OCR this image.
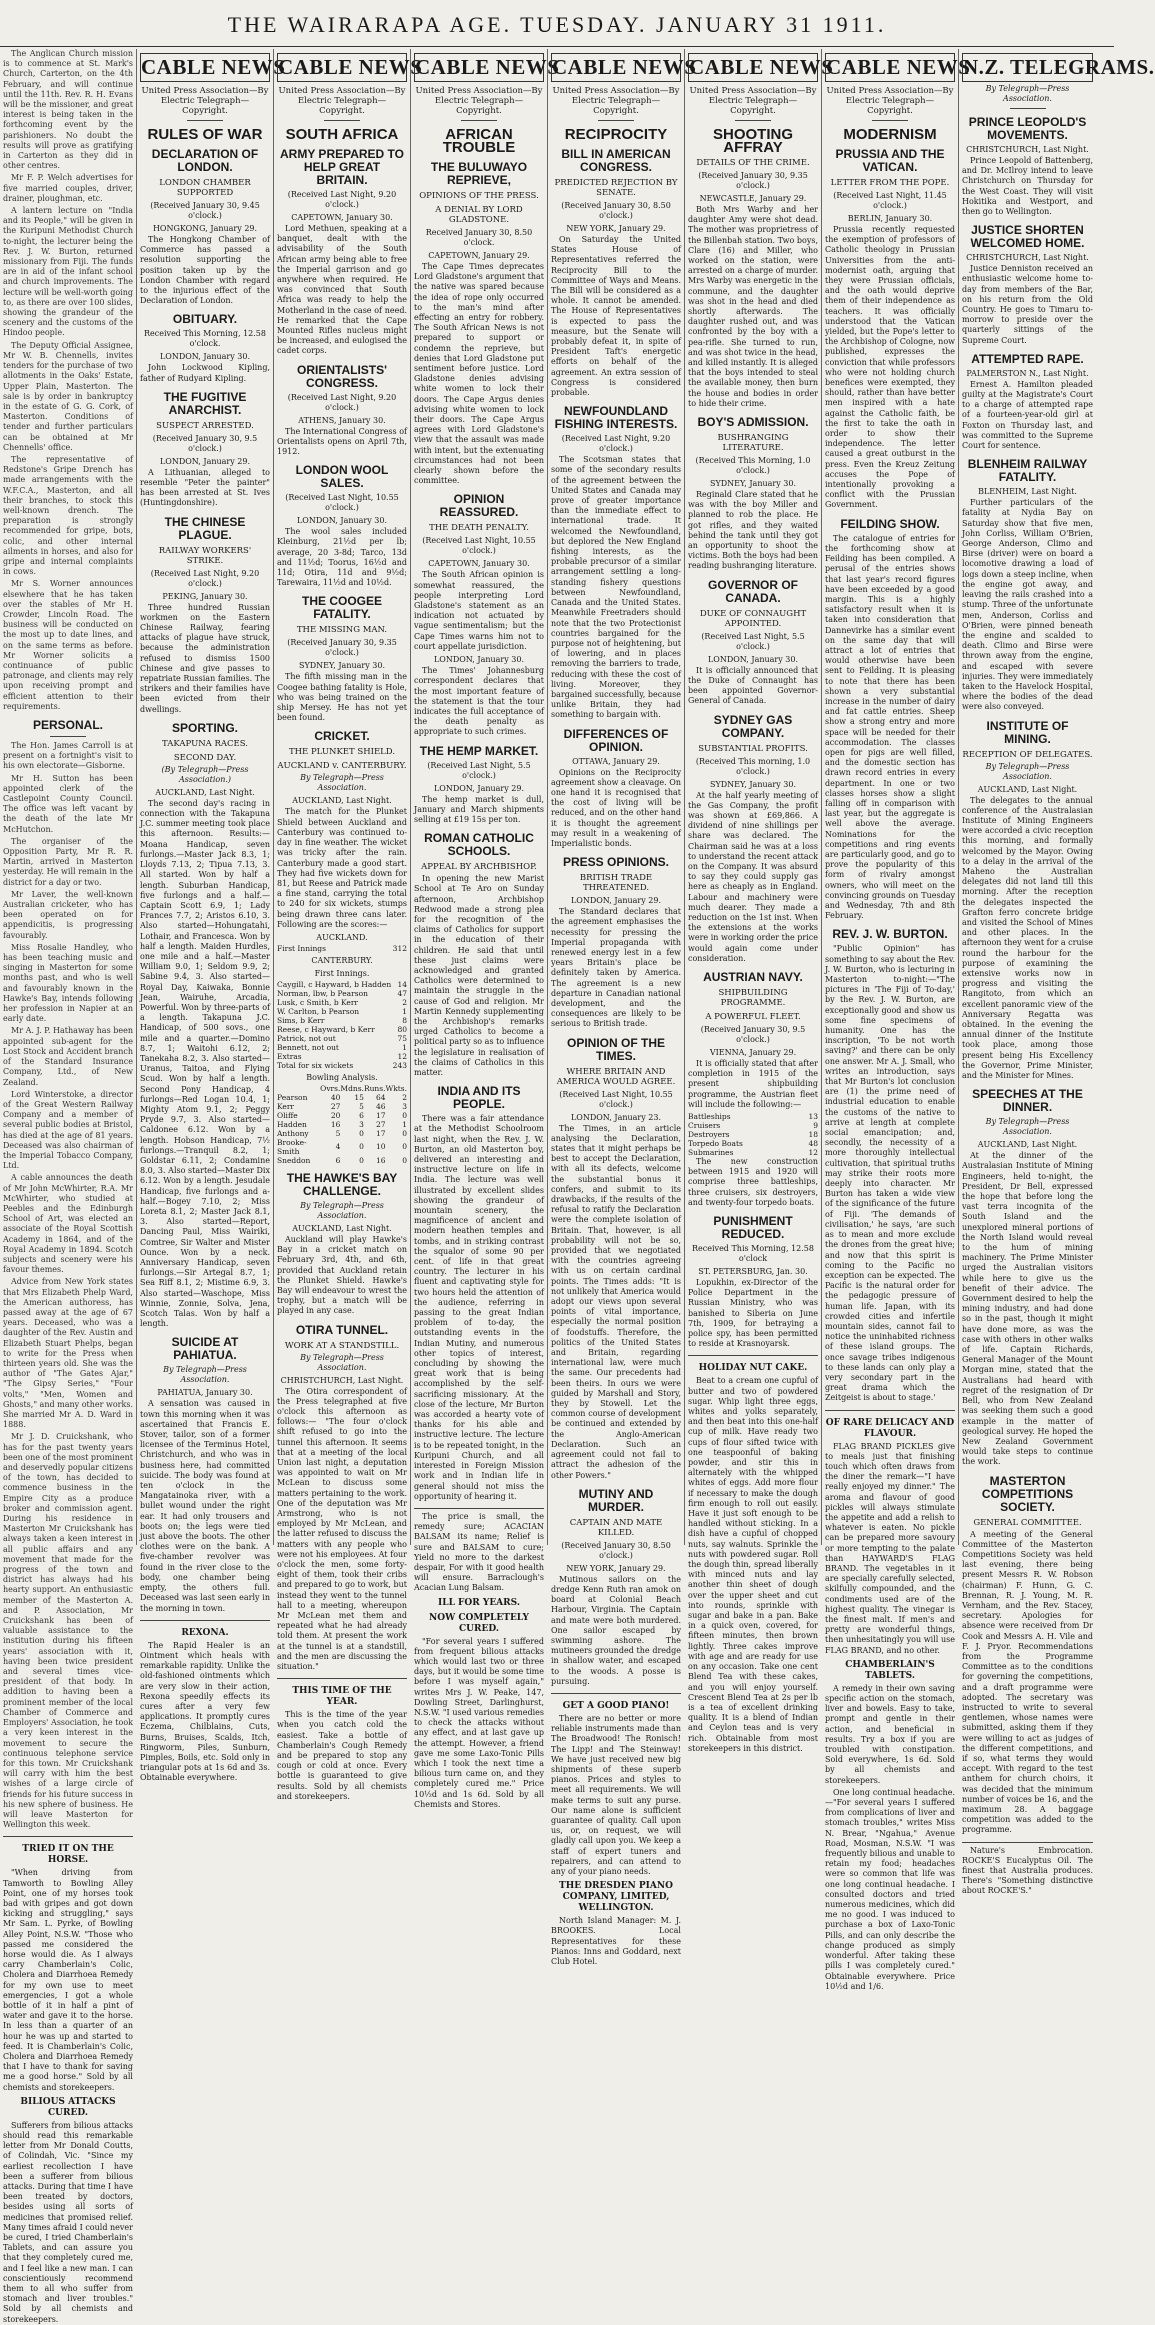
THE WAIRARAPA AGE. TUESDAY. JANUARY 31 1911.
The Anglican Church mission is to commence at St. Mark's Church, Carterton, on the 4th February, and will continue until the 11th. Rev. R. H. Evans will be the missioner, and great interest is being taken in the forthcoming event by the parishioners. No doubt the results will prove as gratifying in Carterton as they did in other centres.
Mr F. P. Welch advertises for five married couples, driver, drainer, ploughman, etc.
A lantern lecture on "India and its People," will be given in the Kuripuni Methodist Church to-night, the lecturer being the Rev. J. W. Burton, returned missionary from Fiji. The funds are in aid of the infant school and church improvements. The lecture will be well-worth going to, as there are over 100 slides, showing the grandeur of the scenery and the customs of the Hindoo people.
The Deputy Official Assignee, Mr W. B. Chennells, invites tenders for the purchase of two allotments in the Oaks' Estate, Upper Plain, Masterton. The sale is by order in bankruptcy in the estate of G. G. Cork, of Masterton. Conditions of tender and further particulars can be obtained at Mr Chennells' office.
The representative of Redstone's Gripe Drench has made arrangements with the W.F.C.A., Masterton, and all their branches, to stock this well-known drench. The preparation is strongly recommended for gripe, bots, colic, and other internal ailments in horses, and also for gripe and internal complaints in cows.
Mr S. Worner announces elsewhere that he has taken over the stables of Mr H. Crowder, Lincoln Road. The business will be conducted on the most up to date lines, and on the same terms as before. Mr Worner solicits a continuance of public patronage, and clients may rely upon receiving prompt and efficient attention to their requirements.
PERSONAL.
The Hon. James Carroll is at present on a fortnight's visit to his own electorate—Gisborne.
Mr H. Sutton has been appointed clerk of the Castlepoint County Council. The office was left vacant by the death of the late Mr McHutchon.
The organiser of the Opposition Party, Mr R. R. Martin, arrived in Masterton yesterday. He will remain in the district for a day or two.
Mr Laver, the well-known Australian cricketer, who has been operated on for appendicitis, is progressing favourably.
Miss Rosalie Handley, who has been teaching music and singing in Masterton for some months past, and who is well and favourably known in the Hawke's Bay, intends following her profession in Napier at an early date.
Mr A. J. P. Hathaway has been appointed sub-agent for the Lost Stock and Accident branch of the Standard Insurance Company, Ltd., of New Zealand.
Lord Winterstoke, a director of the Great Western Railway Company and a member of several public bodies at Bristol, has died at the age of 81 years. Deceased was also chairman of the Imperial Tobacco Company, Ltd.
A cable announces the death of Mr John McWhirter, R.A. Mr McWhirter, who studied at Peebles and the Edinburgh School of Art, was elected an associate of the Royal Scottish Academy in 1864, and of the Royal Academy in 1894. Scotch subjects and scenery were his favour themes.
Advice from New York states that Mrs Elizabeth Phelp Ward, the American authoress, has passed away at the age of 67 years. Deceased, who was a daughter of the Rev. Austin and Elizabeth Stuart Phelps, began to write for the Press when thirteen years old. She was the author of "The Gates Ajar," "The Gipsy Series," "Four volts," "Men, Women and Ghosts," and many other works. She married Mr A. D. Ward in 1888.
Mr J. D. Cruickshank, who has for the past twenty years been one of the most prominent and deservedly popular citizens of the town, has decided to commence business in the Empire City as a produce broker and commission agent. During his residence in Masterton Mr Cruickshank has always taken a keen interest in all public affairs and any movement that made for the progress of the town and district has always had his hearty support. An enthusiastic member of the Masterton A. and P. Association, Mr Cruickshank has been of valuable assistance to the institution during his fifteen years' association with it, having been twice president and several times vice-president of that body. In addition to having been a prominent member of the local Chamber of Commerce and Employers' Association, he took a very keen interest in the movement to secure the continuous telephone service for this town. Mr Cruickshank will carry with him the best wishes of a large circle of friends for his future success in his new sphere of business. He will leave Masterton for Wellington this week.
TRIED IT ON THE HORSE.
"When driving from Tamworth to Bowling Alley Point, one of my horses took bad with gripes and got down kicking and struggling," says Mr Sam. L. Pyrke, of Bowling Alley Point, N.S.W. "Those who passed me considered the horse would die. As I always carry Chamberlain's Colic, Cholera and Diarrhoea Remedy for my own use to meet emergencies, I got a whole bottle of it in half a pint of water and gave it to the horse. In less than a quarter of an hour he was up and started to feed. It is Chamberlain's Colic, Cholera and Diarrhoea Remedy that I have to thank for saving me a good horse." Sold by all chemists and storekeepers.
BILIOUS ATTACKS CURED.
Sufferers from bilious attacks should read this remarkable letter from Mr Donald Coutts, of Colindah, Vic. "Since my earliest recollection I have been a sufferer from bilious attacks. During that time I have been treated by doctors, besides using all sorts of medicines that promised relief. Many times afraid I could never be cured, I tried Chamberlain's Tablets, and can assure you that they completely cured me, and I feel like a new man. I can conscientiously recommend them to all who suffer from stomach and liver troubles." Sold by all chemists and storekeepers.
CABLE NEWS
United Press Association—By Electric Telegraph—Copyright.
RULES OF WAR
DECLARATION OF LONDON.
LONDON CHAMBER SUPPORTED
(Received January 30, 9.45 o'clock.)
HONGKONG, January 29.
The Hongkong Chamber of Commerce has passed a resolution supporting the position taken up by the London Chamber with regard to the injurious effect of the Declaration of London.
OBITUARY.
Received This Morning, 12.58 o'clock.
LONDON, January 30.
John Lockwood Kipling, father of Rudyard Kipling.
THE FUGITIVE ANARCHIST.
SUSPECT ARRESTED.
(Received January 30, 9.5 o'clock.)
LONDON, January 29.
A Lithuanian, alleged to resemble "Peter the painter" has been arrested at St. Ives (Huntingdonshire).
THE CHINESE PLAGUE.
RAILWAY WORKERS' STRIKE.
(Received Last Night, 9.20 o'clock.)
PEKING, January 30.
Three hundred Russian workmen on the Eastern Chinese Railway, fearing attacks of plague have struck, because the administration refused to dismiss 1500 Chinese and give passes to repatriate Russian families. The strikers and their families have been evicted from their dwellings.
SPORTING.
TAKAPUNA RACES.
SECOND DAY.
(By Telegraph—Press Association.)
AUCKLAND, Last Night.
The second day's racing in connection with the Takapuna J.C. summer meeting took place this afternoon. Results:— Moana Handicap, seven furlongs.—Master Jack 8.3, 1; Lloyds 7.13, 2; Tipua 7.13, 3. All started. Won by half a length. Suburban Handicap, five furlongs and a half.—Captain Scott 6.9, 1; Lady Frances 7.7, 2; Aristos 6.10, 3. Also started—Hohungatahi, Lothair, and Francesca. Won by half a length. Maiden Hurdles, one mile and a half.—Master William 9.0, 1; Seldom 9.9, 2; Sabine 9.4, 3. Also started—Royal Day, Kaiwaka, Bonnie Jean, Wairuhe, Arcadia, Powerful. Won by three-parts of a length. Takapuna J.C. Handicap, of 500 sovs., one mile and a quarter.—Domino 8.7, 1; Waitohi 6.12, 2; Tanekaha 8.2, 3. Also started—Uranus, Taitoa, and Flying Scud. Won by half a length. Second Pony Handicap, 4 furlongs—Red Logan 10.4, 1; Mighty Atom 9.1, 2; Peggy Pryde 9.7, 3. Also started—Caldonee 6.12. Won by a length. Hobson Handicap, 7½ furlongs.—Tranquil 8.2, 1; Goldstar 6.11, 2; Condamine 8.0, 3. Also started—Master Dix 6.12. Won by a length. Jesudale Handicap, five furlongs and a-half.—Bogey 7.10, 2; Miss Loreta 8.1, 2; Master Jack 8.1, 3. Also started—Report, Dancing Paul, Miss Wairiki, Comtree, Sir Walter and Mister Ounce. Won by a neck. Anniversary Handicap, seven furlongs.—Sir Artegal 8.7, 1; Sea Riff 8.1, 2; Mistime 6.9, 3. Also started—Waschope, Miss Winnie, Zonnie, Solva, Jena, Scotch Talas. Won by half a length.
SUICIDE AT PAHIATUA.
By Telegraph—Press Association.
PAHIATUA, January 30.
A sensation was caused in town this morning when it was ascertained that Francis E. Stover, tailor, son of a former licensee of the Terminus Hotel, Christchurch, and who was in business here, had committed suicide. The body was found at ten o'clock in the Mangatainoka river, with a bullet wound under the right ear. It had only trousers and boots on; the legs were tied just above the boots. The other clothes were on the bank. A five-chamber revolver was found in the river close to the body, one chamber being empty, the others full. Deceased was last seen early in the morning in town.
REXONA.
The Rapid Healer is an Ointment which heals with remarkable rapidity. Unlike the old-fashioned ointments which are very slow in their action, Rexona speedily effects its cures after a very few applications. It promptly cures Eczema, Chilblains, Cuts, Burns, Bruises, Scalds, Itch, Ringworm, Piles, Sunburn, Pimples, Boils, etc. Sold only in triangular pots at 1s 6d and 3s. Obtainable everywhere.
CABLE NEWS
United Press Association—By Electric Telegraph—Copyright.
SOUTH AFRICA
ARMY PREPARED TO HELP GREAT BRITAIN.
(Received Last Night, 9.20 o'clock.)
CAPETOWN, January 30.
Lord Methuen, speaking at a banquet, dealt with the advisability of the South African army being able to free the Imperial garrison and go anywhere when required. He was convinced that South Africa was ready to help the Motherland in the case of need. He remarked that the Cape Mounted Rifles nucleus might be increased, and eulogised the cadet corps.
ORIENTALISTS' CONGRESS.
(Received Last Night, 9.20 o'clock.)
ATHENS, January 30.
The International Congress of Orientalists opens on April 7th, 1912.
LONDON WOOL SALES.
(Received Last Night, 10.55 o'clock.)
LONDON, January 30.
The wool sales included Kleinburg, 21½d per lb; average, 20 3-8d; Tarco, 13d and 11½d; Toorus, 16½d and 11d; Otira, 11d and 9½d; Tarewaira, 11½d and 10½d.
THE COOGEE FATALITY.
THE MISSING MAN.
(Received January 30, 9.35 o'clock.)
SYDNEY, January 30.
The fifth missing man in the Coogee bathing fatality is Hole, who was being trained on the ship Mersey. He has not yet been found.
CRICKET.
THE PLUNKET SHIELD.
AUCKLAND v. CANTERBURY.
By Telegraph—Press Association.
AUCKLAND, Last Night.
The match for the Plunket Shield between Auckland and Canterbury was continued to-day in fine weather. The wicket was tricky after the rain. Canterbury made a good start. They had five wickets down for 81, but Reese and Patrick made a fine stand, carrying the total to 240 for six wickets, stumps being drawn three cans later. Following are the scores:—
AUCKLAND.
First Innings	312
CANTERBURY.
First Innings.
Caygill, c Hayward, b Hadden	14
Norman, lbw, b Pearson	47
Lusk, c Smith, b Kerr	2
W. Carlton, b Pearson	1
Sims, b Kerr	8
Reese, c Hayward, b Kerr	80
Patrick, not out	75
Bennett, not out	1
Extras	12
Total for six wickets	243
Bowling Analysis.
	Ovrs.	Mdns.	Runs.	Wkts.
Pearson	40	15	64	2
Kerr	27	5	46	3
Oliffe	20	6	17	0
Hadden	16	3	27	1
Anthony	5	0	17	0
Brooke-Smith	4	0	10	0
Sneddon	6	0	16	0
THE HAWKE'S BAY CHALLENGE.
By Telegraph—Press Association.
AUCKLAND, Last Night.
Auckland will play Hawke's Bay in a cricket match on February 3rd, 4th, and 6th, provided that Auckland retain the Plunket Shield. Hawke's Bay will endeavour to wrest the trophy, but a match will be played in any case.
OTIRA TUNNEL.
WORK AT A STANDSTILL.
By Telegraph—Press Association.
CHRISTCHURCH, Last Night.
The Otira correspondent of the Press telegraphed at five o'clock this afternoon as follows:— "The four o'clock shift refused to go into the tunnel this afternoon. It seems that at a meeting of the local Union last night, a deputation was appointed to wait on Mr McLean to discuss some matters pertaining to the work. One of the deputation was Mr Armstrong, who is not employed by Mr McLean, and the latter refused to discuss the matters with any people who were not his employees. At four o'clock the men, some forty-eight of them, took their cribs and prepared to go to work, but instead they went to the tunnel hall to a meeting, whereupon Mr McLean met them and repeated what he had already told them. At present the work at the tunnel is at a standstill, and the men are discussing the situation."
THIS TIME OF THE YEAR.
This is the time of the year when you catch cold the easiest. Take a bottle of Chamberlain's Cough Remedy and be prepared to stop any cough or cold at once. Every bottle is guaranteed to give results. Sold by all chemists and storekeepers.
CABLE NEWS
United Press Association—By Electric Telegraph—Copyright.
AFRICAN TROUBLE
THE BULUWAYO REPRIEVE,
OPINIONS OF THE PRESS.
A DENIAL BY LORD GLADSTONE.
Received January 30, 8.50 o'clock.
CAPETOWN, January 29.
The Cape Times deprecates Lord Gladstone's argument that the native was spared because the idea of rope only occurred to the man's mind after effecting an entry for robbery. The South African News is not prepared to support or condemn the reprieve, but denies that Lord Gladstone put sentiment before justice. Lord Gladstone denies advising white women to lock their doors. The Cape Argus denies advising white women to lock their doors. The Cape Argus agrees with Lord Gladstone's view that the assault was made with intent, but the extenuating circumstances had not been clearly shown before the committee.
OPINION REASSURED.
THE DEATH PENALTY.
(Received Last Night, 10.55 o'clock.)
CAPETOWN, January 30.
The South African opinion is somewhat reassured, the people interpreting Lord Gladstone's statement as an indication not actuated by vague sentimentalism; but the Cape Times warns him not to court appellate jurisdiction.
LONDON, January 30.
The Times' Johannesburg correspondent declares that the most important feature of the statement is that the tour indicates the full acceptance of the death penalty as appropriate to such crimes.
THE HEMP MARKET.
(Received Last Night, 5.5 o'clock.)
LONDON, January 29.
The hemp market is dull, January and March shipments selling at £19 15s per ton.
ROMAN CATHOLIC SCHOOLS.
APPEAL BY ARCHBISHOP.
In opening the new Marist School at Te Aro on Sunday afternoon, Archbishop Redwood made a strong plea for the recognition of the claims of Catholics for support in the education of their children. He said that until these just claims were acknowledged and granted Catholics were determined to maintain the struggle in the cause of God and religion. Mr Martin Kennedy supplementing the Archbishop's remarks urged Catholics to become a political party so as to influence the legislature in realisation of the claims of Catholics in this matter.
INDIA AND ITS PEOPLE.
There was a fair attendance at the Methodist Schoolroom last night, when the Rev. J. W. Burton, an old Masterton boy, delivered an interesting and instructive lecture on life in India. The lecture was well illustrated by excellent slides showing the grandeur of mountain scenery, the magnificence of ancient and modern heathen temples and tombs, and in striking contrast the squalor of some 90 per cent. of life in that great country. The lecturer in his fluent and captivating style for two hours held the attention of the audience, referring in passing to the great Indian problem of to-day, the outstanding events in the Indian Mutiny, and numerous other topics of interest, concluding by showing the great work that is being accomplished by the self-sacrificing missionary. At the close of the lecture, Mr Burton was accorded a hearty vote of thanks for his able and instructive lecture. The lecture is to be repeated tonight, in the Kuripuni Church, and all interested in Foreign Mission work and in Indian life in general should not miss the opportunity of hearing it.
The price is small, the remedy sure; ACACIAN BALSAM its name; Relief is sure and BALSAM to cure; Yield no more to the darkest despair, For with it good health will ensure. Barraclough's Acacian Lung Balsam.
ILL FOR YEARS.
NOW COMPLETELY CURED.
"For several years I suffered from frequent bilious attacks which would last two or three days, but it would be some time before I was myself again," writes Mrs J. W. Peake, 147, Dowling Street, Darlinghurst, N.S.W. "I used various remedies to check the attacks without any effect, and at last gave up the attempt. However, a friend gave me some Laxo-Tonic Pills which I took the next time a bilious turn came on, and they completely cured me." Price 10½d and 1s 6d. Sold by all Chemists and Stores.
CABLE NEWS
United Press Association—By Electric Telegraph—Copyright.
RECIPROCITY
BILL IN AMERICAN CONGRESS.
PREDICTED REJECTION BY SENATE.
(Received January 30, 8.50 o'clock.)
NEW YORK, January 29.
On Saturday the United States House of Representatives referred the Reciprocity Bill to the Committee of Ways and Means. The Bill will be considered as a whole. It cannot be amended. The House of Representatives is expected to pass the measure, but the Senate will probably defeat it, in spite of President Taft's energetic efforts on behalf of the agreement. An extra session of Congress is considered probable.
NEWFOUNDLAND FISHING INTERESTS.
(Received Last Night, 9.20 o'clock.)
The Scotsman states that some of the secondary results of the agreement between the United States and Canada may prove of greater importance than the immediate effect to international trade. It welcomed the Newfoundland, but deplored the New England fishing interests, as the probable precursor of a similar arrangement settling a long-standing fishery questions between Newfoundland, Canada and the United States. Meanwhile Freetraders should note that the two Protectionist countries bargained for the purpose not of heightening, but of lowering, and in places removing the barriers to trade, reducing with these the cost of living. Moreover, they bargained successfully, because unlike Britain, they had something to bargain with.
DIFFERENCES OF OPINION.
OTTAWA, January 29.
Opinions on the Reciprocity agreement show a cleavage. On one hand it is recognised that the cost of living will be reduced, and on the other hand it is thought the agreement may result in a weakening of Imperialistic bonds.
PRESS OPINIONS.
BRITISH TRADE THREATENED.
LONDON, January 29.
The Standard declares that the agreement emphasises the necessity for pressing the Imperial propaganda with renewed energy lest in a few years Britain's place be definitely taken by America. The agreement is a new departure in Canadian national development, and the consequences are likely to be serious to British trade.
OPINION OF THE TIMES.
WHERE BRITAIN AND AMERICA WOULD AGREE.
(Received Last Night, 10.55 o'clock.)
LONDON, January 23.
The Times, in an article analysing the Declaration, states that it might perhaps be best to accept the Declaration, with all its defects, welcome the substantial bonus it confers, and submit to its drawbacks, if the results of the refusal to ratify the Declaration were the complete isolation of Britain. That, however, is all probability will not be so, provided that we negotiated with the countries agreeing with us on certain cardinal points. The Times adds: "It is not unlikely that America would adopt our views upon several points of vital importance, especially the normal position of foodstuffs. Therefore, the politics of the United States and Britain, regarding international law, were much the same. Our precedents had been theirs. In ours we were guided by Marshall and Story, they by Stowell. Let the common course of development be continued and extended by the Anglo-American Declaration. Such an agreement could not fail to attract the adhesion of the other Powers."
MUTINY AND MURDER.
CAPTAIN AND MATE KILLED.
(Received January 30, 8.50 o'clock.)
NEW YORK, January 29.
Mutinous sailors on the dredge Kenn Ruth ran amok on board at Colonial Beach Harbour, Virginia. The Captain and mate were both murdered. One sailor escaped by swimming ashore. The mutineers grounded the dredge in shallow water, and escaped to the woods. A posse is pursuing.
GET A GOOD PIANO!
There are no better or more reliable instruments made than The Broadwood! The Ronisch! The Lipp! and The Steinway! We have just received new big shipments of these superb pianos. Prices and styles to meet all requirements. We will make terms to suit any purse. Our name alone is sufficient guarantee of quality. Call upon us, or, on request, we will gladly call upon you. We keep a staff of expert tuners and repairers, and can attend to any of your piano needs.
THE DRESDEN PIANO COMPANY, LIMITED, WELLINGTON.
North Island Manager: M. J. BROOKES. Local Representatives for these Pianos: Inns and Goddard, next Club Hotel.
CABLE NEWS
United Press Association—By Electric Telegraph—Copyright.
SHOOTING AFFRAY
DETAILS OF THE CRIME.
(Received January 30, 9.35 o'clock.)
NEWCASTLE, January 29.
Both Mrs Warby and her daughter Amy were shot dead. The mother was proprietress of the Billenbah station. Two boys, Clare (16) and Miller, who worked on the station, were arrested on a charge of murder. Mrs Warby was energetic in the commune, and the daughter was shot in the head and died shortly afterwards. The daughter rushed out, and was confronted by the boy with a pea-rifle. She turned to run, and was shot twice in the head, and killed instantly. It is alleged that the boys intended to steal the available money, then burn the house and bodies in order to hide their crime.
BOY'S ADMISSION.
BUSHRANGING LITERATURE.
(Received This Morning, 1.0 o'clock.)
SYDNEY, January 30.
Reginald Clare stated that he was with the boy Miller and planned to rob the place. He got rifles, and they waited behind the tank until they got an opportunity to shoot the victims. Both the boys had been reading bushranging literature.
GOVERNOR OF CANADA.
DUKE OF CONNAUGHT APPOINTED.
(Received Last Night, 5.5 o'clock.)
LONDON, January 30.
It is officially announced that the Duke of Connaught has been appointed Governor-General of Canada.
SYDNEY GAS COMPANY.
SUBSTANTIAL PROFITS.
(Received This morning, 1.0 o'clock.)
SYDNEY, January 30.
At the half yearly meeting of the Gas Company, the profit was shown at £69,866. A dividend of nine shillings per share was declared. The Chairman said he was at a loss to understand the recent attack on the Company. It was absurd to say they could supply gas here as cheaply as in England. Labour and machinery were much dearer. They made a reduction on the 1st inst. When the extensions at the works were in working order the price would again come under consideration.
AUSTRIAN NAVY.
SHIPBUILDING PROGRAMME.
A POWERFUL FLEET.
(Received January 30, 9.5 o'clock.)
VIENNA, January 29.
It is officially stated that after completion in 1915 of the present shipbuilding programme, the Austrian fleet will include the following:—
Battleships	13
Cruisers	9
Destroyers	18
Torpedo Boats	48
Submarines	12
The new construction between 1915 and 1920 will comprise three battleships, three cruisers, six destroyers, and twenty-four torpedo boats.
PUNISHMENT REDUCED.
Received This Morning, 12.58 o'clock
ST. PETERSBURG, Jan. 30.
Lopukhin, ex-Director of the Police Department in the Russian Ministry, who was banished to Siberia on June 7th, 1909, for betraying a police spy, has been permitted to reside at Krasnoyarsk.
HOLIDAY NUT CAKE.
Beat to a cream one cupful of butter and two of powdered sugar. Whip light three eggs, whites and yolks separately, and then beat into this one-half cup of milk. Have ready two cups of flour sifted twice with one teaspoonful of baking powder, and stir this in alternately with the whipped whites of eggs. Add more flour if necessary to make the dough firm enough to roll out easily. Have it just soft enough to be handled without sticking. In a dish have a cupful of chopped nuts, say walnuts. Sprinkle the nuts with powdered sugar. Roll the dough thin, spread liberally with minced nuts and lay another thin sheet of dough over the upper sheet and cut into rounds, sprinkle with sugar and bake in a pan. Bake in a quick oven, covered, for fifteen minutes, then brown lightly. Three cakes improve with age and are ready for use on any occasion. Take one cent Blend Tea with these cakes, and you will enjoy yourself. Crescent Blend Tea at 2s per lb is a tea of excellent drinking quality. It is a blend of Indian and Ceylon teas and is very rich. Obtainable from most storekeepers in this district.
CABLE NEWS
United Press Association—By Electric Telegraph—Copyright.
MODERNISM
PRUSSIA AND THE VATICAN.
LETTER FROM THE POPE.
(Received Last Night, 11.45 o'clock.)
BERLIN, January 30.
Prussia recently requested the exemption of professors of Catholic theology in Prussian Universities from the anti-modernist oath, arguing that they were Prussian officials, and the oath would deprive them of their independence as teachers. It was officially understood that the Vatican yielded, but the Pope's letter to the Archbishop of Cologne, now published, expresses the conviction that while professors who were not holding church benefices were exempted, they should, rather than have better men inspired with a hate against the Catholic faith, be the first to take the oath in order to show their independence. The letter caused a great outburst in the press. Even the Kreuz Zeitung accuses the Pope of intentionally provoking a conflict with the Prussian Government.
FEILDING SHOW.
The catalogue of entries for the forthcoming show at Feilding has been compiled. A perusal of the entries shows that last year's record figures have been exceeded by a good margin. This is a highly satisfactory result when it is taken into consideration that Dannevirke has a similar event on the same day that will attract a lot of entries that would otherwise have been sent to Feilding. It is pleasing to note that there has been shown a very substantial increase in the number of dairy and fat cattle entries. Sheep show a strong entry and more space will be needed for their accommodation. The classes open for pigs are well filled, and the domestic section has drawn record entries in every department. In one or two classes horses show a slight falling off in comparison with last year, but the aggregate is well above the average. Nominations for the competitions and ring events are particularly good, and go to prove the popularity of this form of rivalry amongst owners, who will meet on the convincing grounds on Tuesday and Wednesday, 7th and 8th February.
REV. J. W. BURTON.
"Public Opinion" has something to say about the Rev. J. W. Burton, who is lecturing in Masterton to-night:—"The pictures in 'The Fiji of To-day,' by the Rev. J. W. Burton, are exceptionally good and show us some fine specimens of humanity. One has the inscription, 'To be not worth saving?' and there can be only one answer. Mr A. J. Small, who writes an introduction, says that Mr Burton's lot conclusion are (1) the prime need of industrial education to enable the customs of the native to arrive at length at complete social emancipation; and, secondly, the necessity of a more thoroughly intellectual cultivation, that spiritual truths may strike their roots more deeply into character. Mr Burton has taken a wide view of the significance of the future of Fiji. 'The demands of civilisation,' he says, 'are such as to mean and more exclude the drones from the great hive; and now that this spirit is coming to the Pacific no exception can be expected. The Pacific is the natural order for the pedagogic pressure of human life. Japan, with its crowded cities and infertile mountain sides, cannot fail to notice the uninhabited richness of these island groups. The once savage tribes indigenous to these lands can only play a very secondary part in the great drama which the Zeitgeist is about to stage.'
OF RARE DELICACY AND FLAVOUR.
FLAG BRAND PICKLES give to meals just that finishing touch which often draws from the diner the remark—"I have really enjoyed my dinner." The aroma and flavour of good pickles will always stimulate the appetite and add a relish to whatever is eaten. No pickle can be prepared more savoury or more tempting to the palate than HAYWARD'S FLAG BRAND. The vegetables in it are specially carefully selected, skilfully compounded, and the condiments used are of the highest quality. The vinegar is the finest malt. If men's and pretty are wonderful things, then unhesitatingly you will use FLAG BRAND, and no other.
CHAMBERLAIN'S TABLETS.
A remedy in their own saving specific action on the stomach, liver and bowels. Easy to take, prompt and gentle in their action, and beneficial in results. Try a box if you are troubled with constipation. Sold everywhere, 1s 6d. Sold by all chemists and storekeepers.
One long continual headache.—"For several years I suffered from complications of liver and stomach troubles," writes Miss N. Brear, "Ngahua," Avenue Road, Mosman, N.S.W. "I was frequently bilious and unable to retain my food; headaches were so common that life was one long continual headache. I consulted doctors and tried numerous medicines, which did me no good. I was induced to purchase a box of Laxo-Tonic Pills, and can only describe the change produced as simply wonderful. After taking these pills I was completely cured." Obtainable everywhere. Price 10½d and 1/6.
N.Z. TELEGRAMS.
By Telegraph—Press Association.
PRINCE LEOPOLD'S MOVEMENTS.
CHRISTCHURCH, Last Night.
Prince Leopold of Battenberg, and Dr. McIlroy intend to leave Christchurch on Thursday for the West Coast. They will visit Hokitika and Westport, and then go to Wellington.
JUSTICE SHORTEN WELCOMED HOME.
CHRISTCHURCH, Last Night.
Justice Denniston received an enthusiastic welcome home to-day from members of the Bar, on his return from the Old Country. He goes to Timaru to-morrow to preside over the quarterly sittings of the Supreme Court.
ATTEMPTED RAPE.
PALMERSTON N., Last Night.
Ernest A. Hamilton pleaded guilty at the Magistrate's Court to a charge of attempted rape of a fourteen-year-old girl at Foxton on Thursday last, and was committed to the Supreme Court for sentence.
BLENHEIM RAILWAY FATALITY.
BLENHEIM, Last Night.
Further particulars of the fatality at Nydia Bay on Saturday show that five men, John Corliss, William O'Brien, George Anderson, Climo and Birse (driver) were on board a locomotive drawing a load of logs down a steep incline, when the engine got away, and leaving the rails crashed into a stump. Three of the unfortunate men, Anderson, Corliss and O'Brien, were pinned beneath the engine and scalded to death. Climo and Birse were thrown away from the engine, and escaped with severe injuries. They were immediately taken to the Havelock Hospital, where the bodies of the dead were also conveyed.
INSTITUTE OF MINING.
RECEPTION OF DELEGATES.
By Telegraph—Press Association.
AUCKLAND, Last Night.
The delegates to the annual conference of the Australasian Institute of Mining Engineers were accorded a civic reception this morning, and formally welcomed by the Mayor. Owing to a delay in the arrival of the Maheno the Australian delegates did not land till this morning. After the reception the delegates inspected the Grafton ferro concrete bridge and visited the School of Mines and other places. In the afternoon they went for a cruise round the harbour for the purpose of examining the extensive works now in progress and visiting the Rangitoto, from which an excellent panoramic view of the Anniversary Regatta was obtained. In the evening the annual dinner of the Institute took place, among those present being His Excellency the Governor, Prime Minister, and the Minister for Mines.
SPEECHES AT THE DINNER.
By Telegraph—Press Association.
AUCKLAND, Last Night.
At the dinner of the Australasian Institute of Mining Engineers, held to-night, the President, Dr Bell, expressed the hope that before long the vast terra incognita of the South Island and the unexplored mineral portions of the North Island would reveal to the hum of mining machinery. The Prime Minister urged the Australian visitors while here to give us the benefit of their advice. The Government desired to help the mining industry, and had done so in the past, though it might have done more, as was the case with others in other walks of life. Captain Richards, General Manager of the Mount Morgan mine, stated that the Australians had heard with regret of the resignation of Dr Bell, who from New Zealand was seeking them such a good example in the matter of geological survey. He hoped the New Zealand Government would take steps to continue the work.
MASTERTON COMPETITIONS SOCIETY.
GENERAL COMMITTEE.
A meeting of the General Committee of the Masterton Competitions Society was held last evening, there being present Messrs R. W. Robson (chairman) F. Hunn, G. C. Brennan, R. J. Young, M. R. Vernham, and the Rev. Stacey, secretary. Apologies for absence were received from Dr Cook and Messrs A. H. Vile and F. J. Pryor. Recommendations from the Programme Committee as to the conditions for governing the competitions, and a draft programme were adopted. The secretary was instructed to write to several gentlemen, whose names were submitted, asking them if they were willing to act as judges of the different competitions, and if so, what terms they would accept. With regard to the test anthem for church choirs, it was decided that the minimum number of voices be 16, and the maximum 28. A baggage competition was added to the programme.
Nature's Embrocation. ROCKE'S Eucalyptus Oil. The finest that Australia produces. There's "Something distinctive about ROCKE'S."
